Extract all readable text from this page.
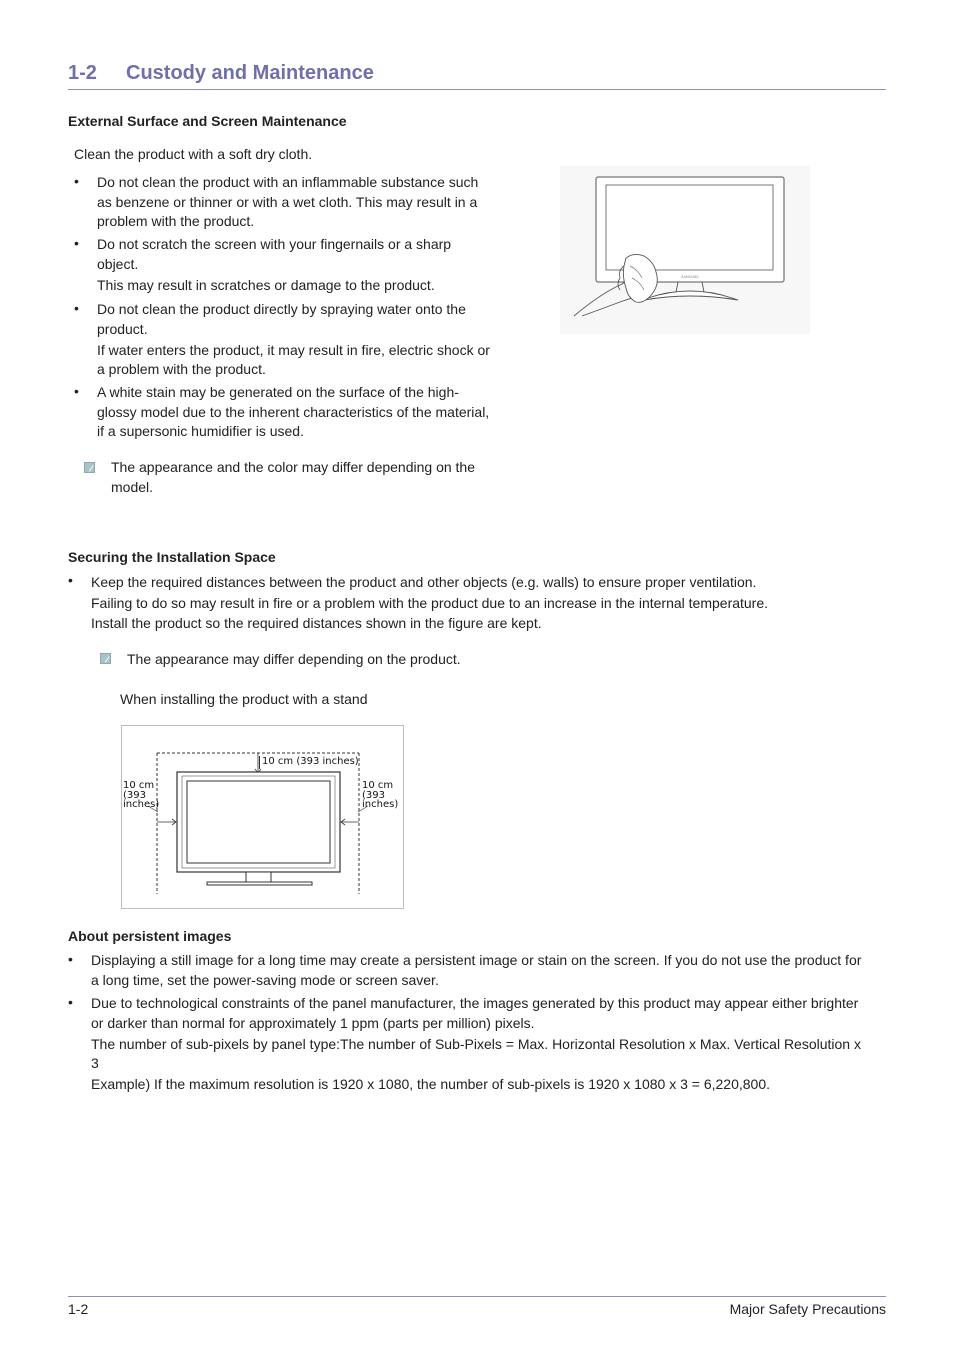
1-2 Custody and Maintenance
External Surface and Screen Maintenance
Clean the product with a soft dry cloth.
• Do not clean the product with an inflammable substance such
as benzene or thinner or with a wet cloth. This may result in a
problem with the product.
• Do not scratch the screen with your fingernails or a sharp
object.
This may result in scratches or damage to the product.
• Do not clean the product directly by spraying water onto the
product.
If water enters the product, it may result in fire, electric shock or
a problem with the product.
• A white stain may be generated on the surface of the high-
glossy model due to the inherent characteristics of the material,
if a supersonic humidifier is used.
The appearance and the color may differ depending on the
model.
SAMSUNG
Securing the Installation Space
• Keep the required distances between the product and other objects (e.g. walls) to ensure proper ventilation.
Failing to do so may result in fire or a problem with the product due to an increase in the internal temperature.
Install the product so the required distances shown in the figure are kept.
The appearance may differ depending on the product.
When installing the product with a stand
10 cm (393 inches)
10 cm
(393
inches)
10 cm
(393
inches)
About persistent images
• Displaying a still image for a long time may create a persistent image or stain on the screen. If you do not use the product for
a long time, set the power-saving mode or screen saver.
• Due to technological constraints of the panel manufacturer, the images generated by this product may appear either brighter
or darker than normal for approximately 1 ppm (parts per million) pixels.
The number of sub-pixels by panel type:The number of Sub-Pixels = Max. Horizontal Resolution x Max. Vertical Resolution x
3
Example) If the maximum resolution is 1920 x 1080, the number of sub-pixels is 1920 x 1080 x 3 = 6,220,800.
1-2	Major Safety Precautions
